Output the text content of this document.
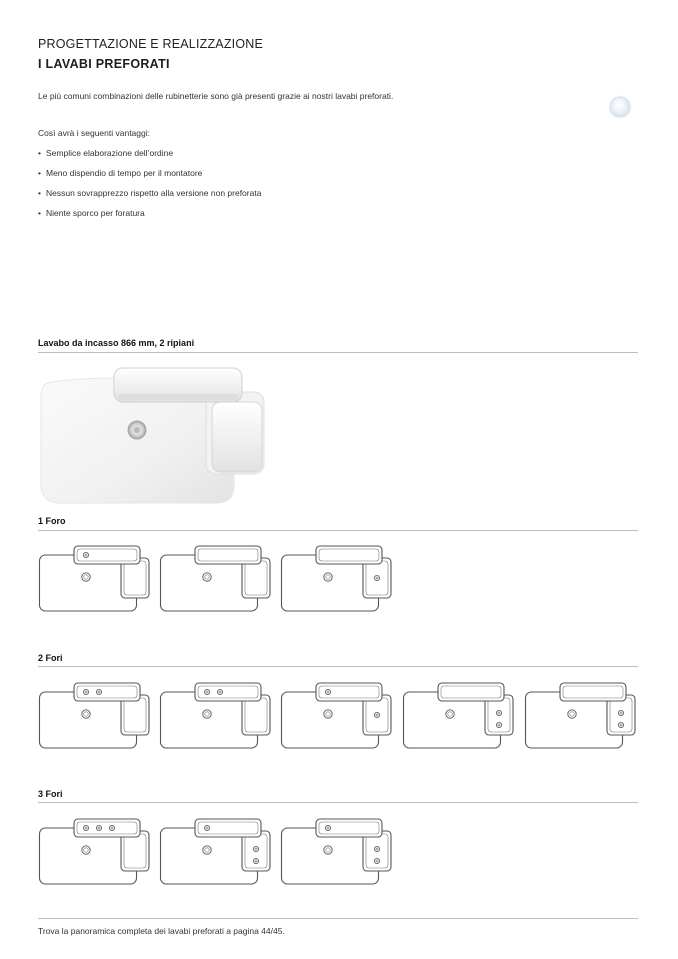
PROGETTAZIONE E REALIZZAZIONE
I LAVABI PREFORATI
Le più comuni combinazioni delle rubinetterie sono già presenti grazie ai nostri lavabi preforati.
Così avrà i seguenti vantaggi:
• Semplice elaborazione dell’ordine
• Meno dispendio di tempo per il montatore
• Nessun sovrapprezzo rispetto alla versione non preforata
• Niente sporco per foratura
Lavabo da incasso 866 mm, 2 ripiani
1 Foro
2 Fori
3 Fori
Trova la panoramica completa dei lavabi preforati a pagina 44/45.
